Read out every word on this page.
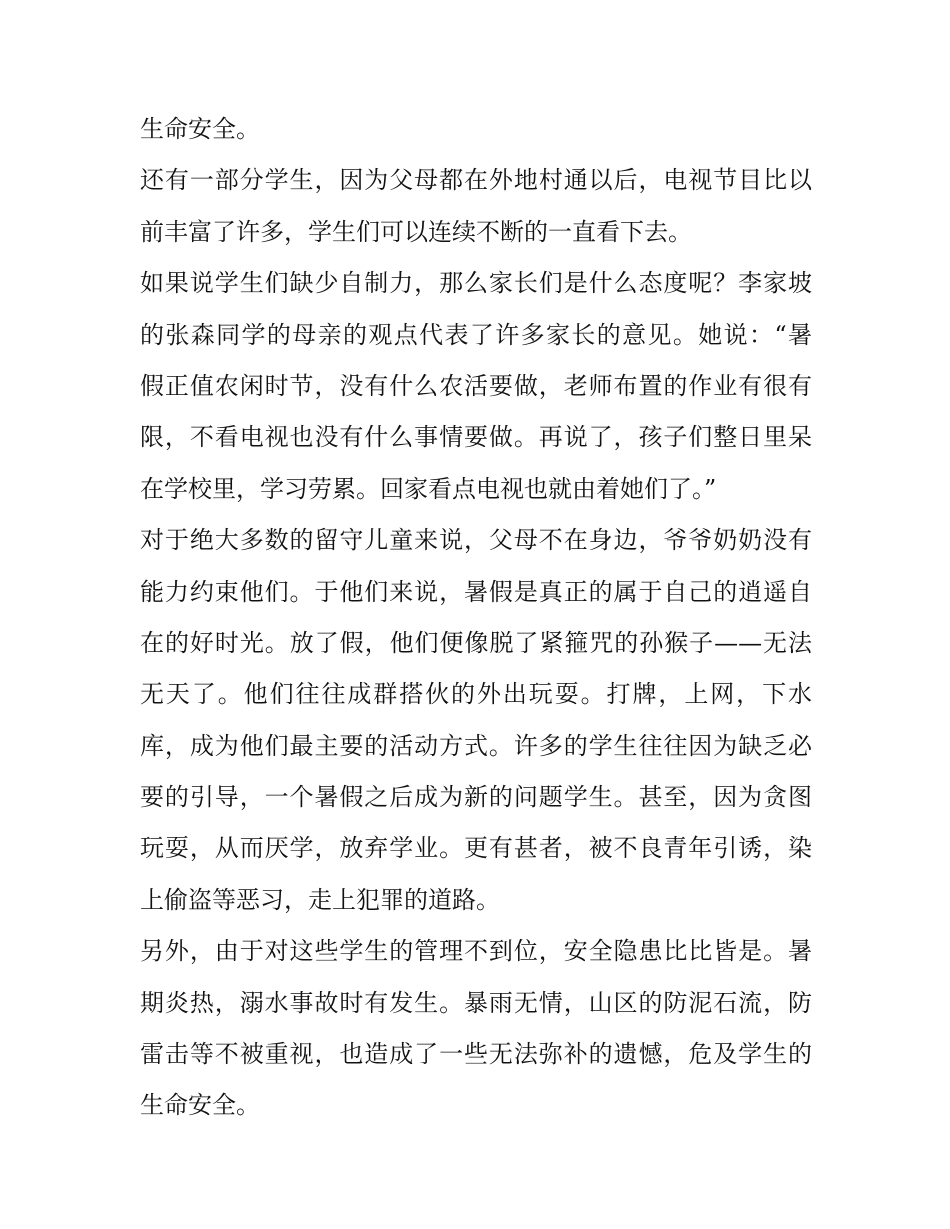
生命安全。
还有一部分学生，因为父母都在外地村通以后，电视节目比以
前丰富了许多，学生们可以连续不断的一直看下去。
如果说学生们缺少自制力，那么家长们是什么态度呢？李家坡
的张森同学的母亲的观点代表了许多家长的意见。她说：“暑
假正值农闲时节，没有什么农活要做，老师布置的作业有很有
限，不看电视也没有什么事情要做。再说了，孩子们整日里呆
在学校里，学习劳累。回家看点电视也就由着她们了。”
对于绝大多数的留守儿童来说，父母不在身边，爷爷奶奶没有
能力约束他们。于他们来说，暑假是真正的属于自己的逍遥自
在的好时光。放了假，他们便像脱了紧箍咒的孙猴子——无法
无天了。他们往往成群搭伙的外出玩耍。打牌，上网，下水
库，成为他们最主要的活动方式。许多的学生往往因为缺乏必
要的引导，一个暑假之后成为新的问题学生。甚至，因为贪图
玩耍，从而厌学，放弃学业。更有甚者，被不良青年引诱，染
上偷盗等恶习，走上犯罪的道路。
另外，由于对这些学生的管理不到位，安全隐患比比皆是。暑
期炎热，溺水事故时有发生。暴雨无情，山区的防泥石流，防
雷击等不被重视，也造成了一些无法弥补的遗憾，危及学生的
生命安全。
